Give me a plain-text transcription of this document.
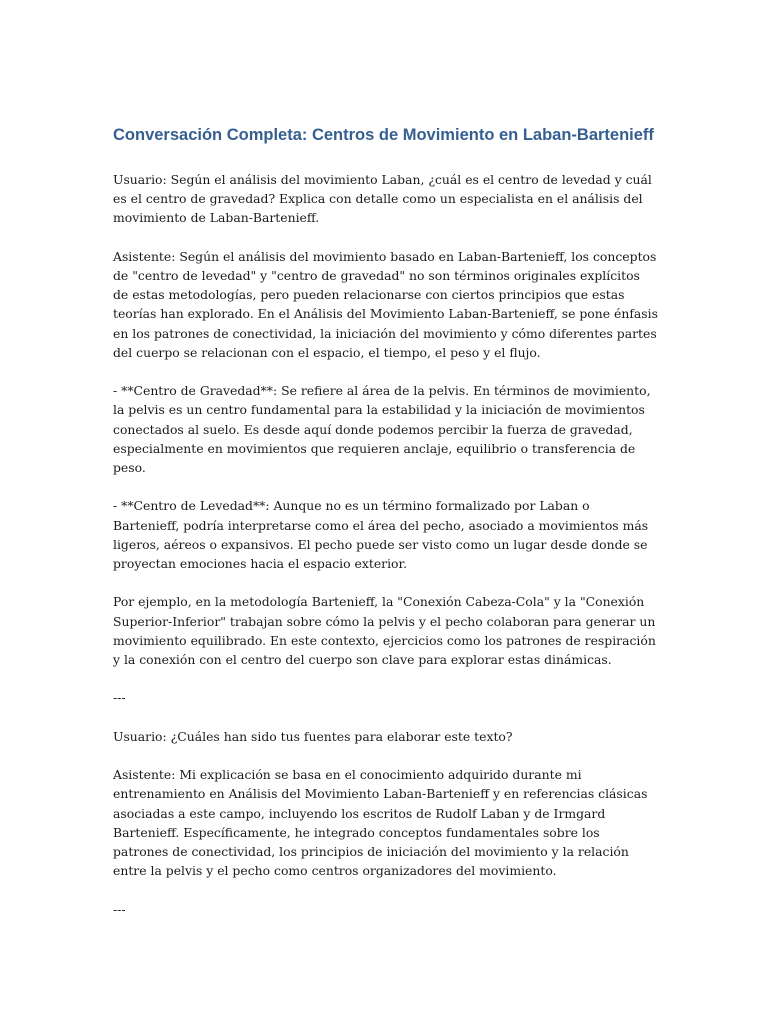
Conversación Completa: Centros de Movimiento en Laban-Bartenieff

Usuario: Según el análisis del movimiento Laban, ¿cuál es el centro de levedad y cuál es el centro de gravedad? Explica con detalle como un especialista en el análisis del movimiento de Laban-Bartenieff.

Asistente: Según el análisis del movimiento basado en Laban-Bartenieff, los conceptos de "centro de levedad" y "centro de gravedad" no son términos originales explícitos de estas metodologías, pero pueden relacionarse con ciertos principios que estas teorías han explorado. En el Análisis del Movimiento Laban-Bartenieff, se pone énfasis en los patrones de conectividad, la iniciación del movimiento y cómo diferentes partes del cuerpo se relacionan con el espacio, el tiempo, el peso y el flujo.

- **Centro de Gravedad**: Se refiere al área de la pelvis. En términos de movimiento, la pelvis es un centro fundamental para la estabilidad y la iniciación de movimientos conectados al suelo. Es desde aquí donde podemos percibir la fuerza de gravedad, especialmente en movimientos que requieren anclaje, equilibrio o transferencia de peso.

- **Centro de Levedad**: Aunque no es un término formalizado por Laban o Bartenieff, podría interpretarse como el área del pecho, asociado a movimientos más ligeros, aéreos o expansivos. El pecho puede ser visto como un lugar desde donde se proyectan emociones hacia el espacio exterior.

Por ejemplo, en la metodología Bartenieff, la "Conexión Cabeza-Cola" y la "Conexión Superior-Inferior" trabajan sobre cómo la pelvis y el pecho colaboran para generar un movimiento equilibrado. En este contexto, ejercicios como los patrones de respiración y la conexión con el centro del cuerpo son clave para explorar estas dinámicas.

---

Usuario: ¿Cuáles han sido tus fuentes para elaborar este texto?

Asistente: Mi explicación se basa en el conocimiento adquirido durante mi entrenamiento en Análisis del Movimiento Laban-Bartenieff y en referencias clásicas asociadas a este campo, incluyendo los escritos de Rudolf Laban y de Irmgard Bartenieff. Específicamente, he integrado conceptos fundamentales sobre los patrones de conectividad, los principios de iniciación del movimiento y la relación entre la pelvis y el pecho como centros organizadores del movimiento.

---
